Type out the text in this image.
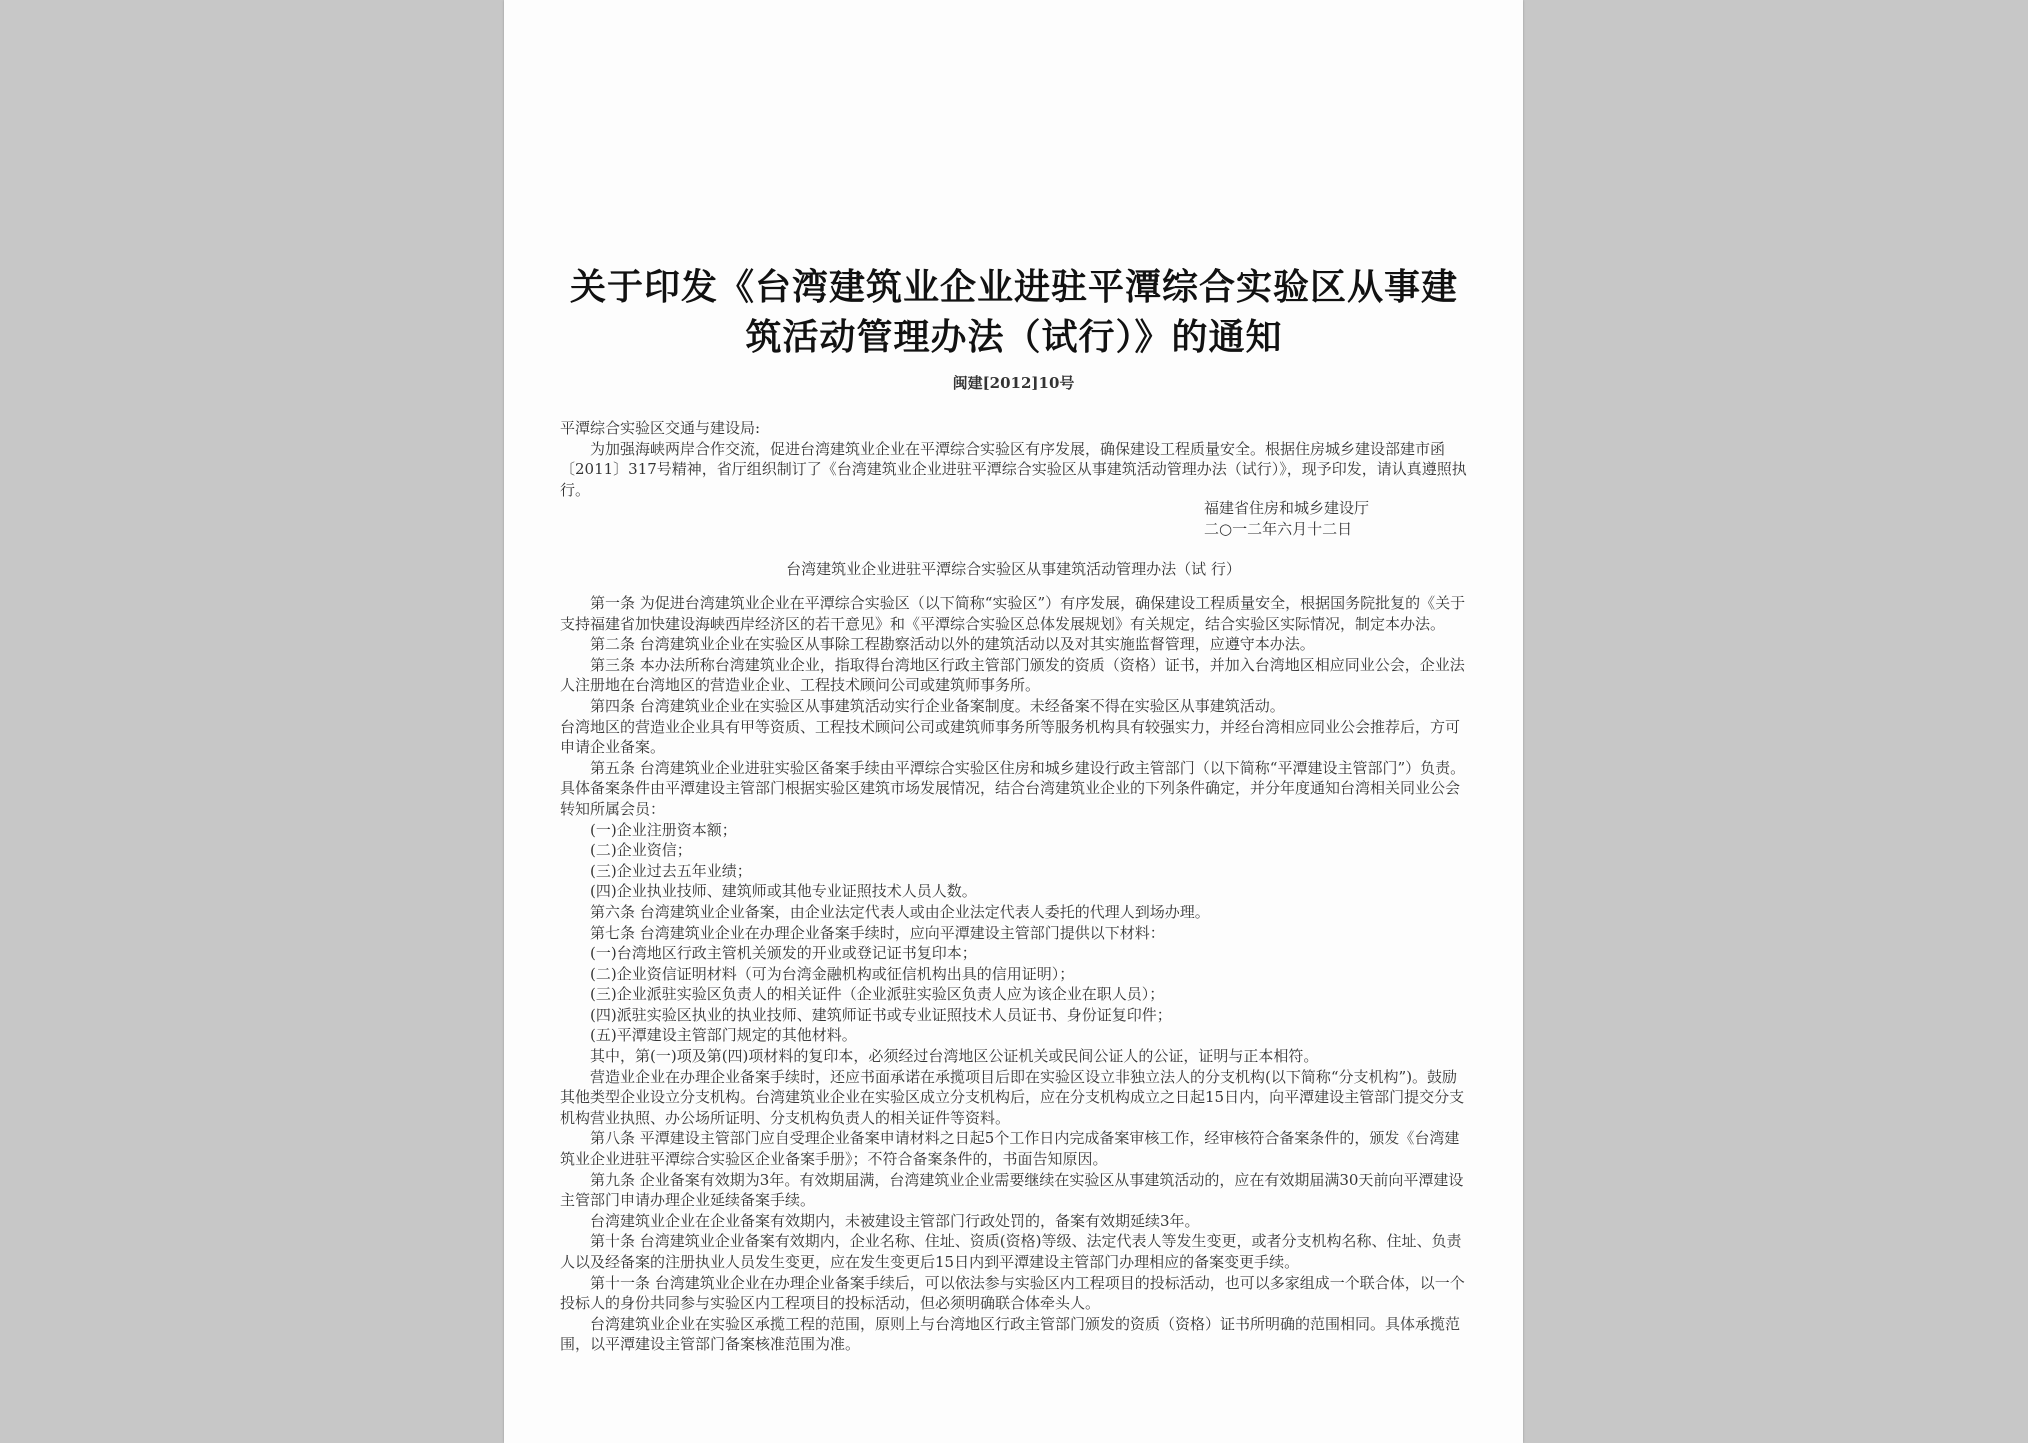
关于印发《台湾建筑业企业进驻平潭综合实验区从事建
筑活动管理办法（试行）》的通知
闽建[2012]10号

平潭综合实验区交通与建设局:

为加强海峡两岸合作交流，促进台湾建筑业企业在平潭综合实验区有序发展，确保建设工程质量安全。根据住房城乡建设部建市函〔2011〕317号精神，省厅组织制订了《台湾建筑业企业进驻平潭综合实验区从事建筑活动管理办法（试行）》，现予印发，请认真遵照执行。

福建省住房和城乡建设厅
二○一二年六月十二日
台湾建筑业企业进驻平潭综合实验区从事建筑活动管理办法（试 行）

第一条 为促进台湾建筑业企业在平潭综合实验区（以下简称“实验区”）有序发展，确保建设工程质量安全，根据国务院批复的《关于支持福建省加快建设海峡西岸经济区的若干意见》和《平潭综合实验区总体发展规划》有关规定，结合实验区实际情况，制定本办法。

第二条 台湾建筑业企业在实验区从事除工程勘察活动以外的建筑活动以及对其实施监督管理，应遵守本办法。

第三条 本办法所称台湾建筑业企业，指取得台湾地区行政主管部门颁发的资质（资格）证书，并加入台湾地区相应同业公会，企业法人注册地在台湾地区的营造业企业、工程技术顾问公司或建筑师事务所。

第四条 台湾建筑业企业在实验区从事建筑活动实行企业备案制度。未经备案不得在实验区从事建筑活动。

台湾地区的营造业企业具有甲等资质、工程技术顾问公司或建筑师事务所等服务机构具有较强实力，并经台湾相应同业公会推荐后，方可申请企业备案。

第五条 台湾建筑业企业进驻实验区备案手续由平潭综合实验区住房和城乡建设行政主管部门（以下简称“平潭建设主管部门”）负责。具体备案条件由平潭建设主管部门根据实验区建筑市场发展情况，结合台湾建筑业企业的下列条件确定，并分年度通知台湾相关同业公会转知所属会员：

(一)企业注册资本额；

(二)企业资信；

(三)企业过去五年业绩；

(四)企业执业技师、建筑师或其他专业证照技术人员人数。

第六条 台湾建筑业企业备案，由企业法定代表人或由企业法定代表人委托的代理人到场办理。

第七条 台湾建筑业企业在办理企业备案手续时，应向平潭建设主管部门提供以下材料：

(一)台湾地区行政主管机关颁发的开业或登记证书复印本；

(二)企业资信证明材料（可为台湾金融机构或征信机构出具的信用证明）；

(三)企业派驻实验区负责人的相关证件（企业派驻实验区负责人应为该企业在职人员）；

(四)派驻实验区执业的执业技师、建筑师证书或专业证照技术人员证书、身份证复印件；

(五)平潭建设主管部门规定的其他材料。

其中，第(一)项及第(四)项材料的复印本，必须经过台湾地区公证机关或民间公证人的公证，证明与正本相符。

营造业企业在办理企业备案手续时，还应书面承诺在承揽项目后即在实验区设立非独立法人的分支机构(以下简称“分支机构”)。鼓励其他类型企业设立分支机构。台湾建筑业企业在实验区成立分支机构后，应在分支机构成立之日起15日内，向平潭建设主管部门提交分支机构营业执照、办公场所证明、分支机构负责人的相关证件等资料。

第八条 平潭建设主管部门应自受理企业备案申请材料之日起5个工作日内完成备案审核工作，经审核符合备案条件的，颁发《台湾建筑业企业进驻平潭综合实验区企业备案手册》；不符合备案条件的，书面告知原因。

第九条 企业备案有效期为3年。有效期届满，台湾建筑业企业需要继续在实验区从事建筑活动的，应在有效期届满30天前向平潭建设主管部门申请办理企业延续备案手续。

台湾建筑业企业在企业备案有效期内，未被建设主管部门行政处罚的，备案有效期延续3年。

第十条 台湾建筑业企业备案有效期内，企业名称、住址、资质(资格)等级、法定代表人等发生变更，或者分支机构名称、住址、负责人以及经备案的注册执业人员发生变更，应在发生变更后15日内到平潭建设主管部门办理相应的备案变更手续。

第十一条 台湾建筑业企业在办理企业备案手续后，可以依法参与实验区内工程项目的投标活动，也可以多家组成一个联合体，以一个投标人的身份共同参与实验区内工程项目的投标活动，但必须明确联合体牵头人。

台湾建筑业企业在实验区承揽工程的范围，原则上与台湾地区行政主管部门颁发的资质（资格）证书所明确的范围相同。具体承揽范围，以平潭建设主管部门备案核准范围为准。
